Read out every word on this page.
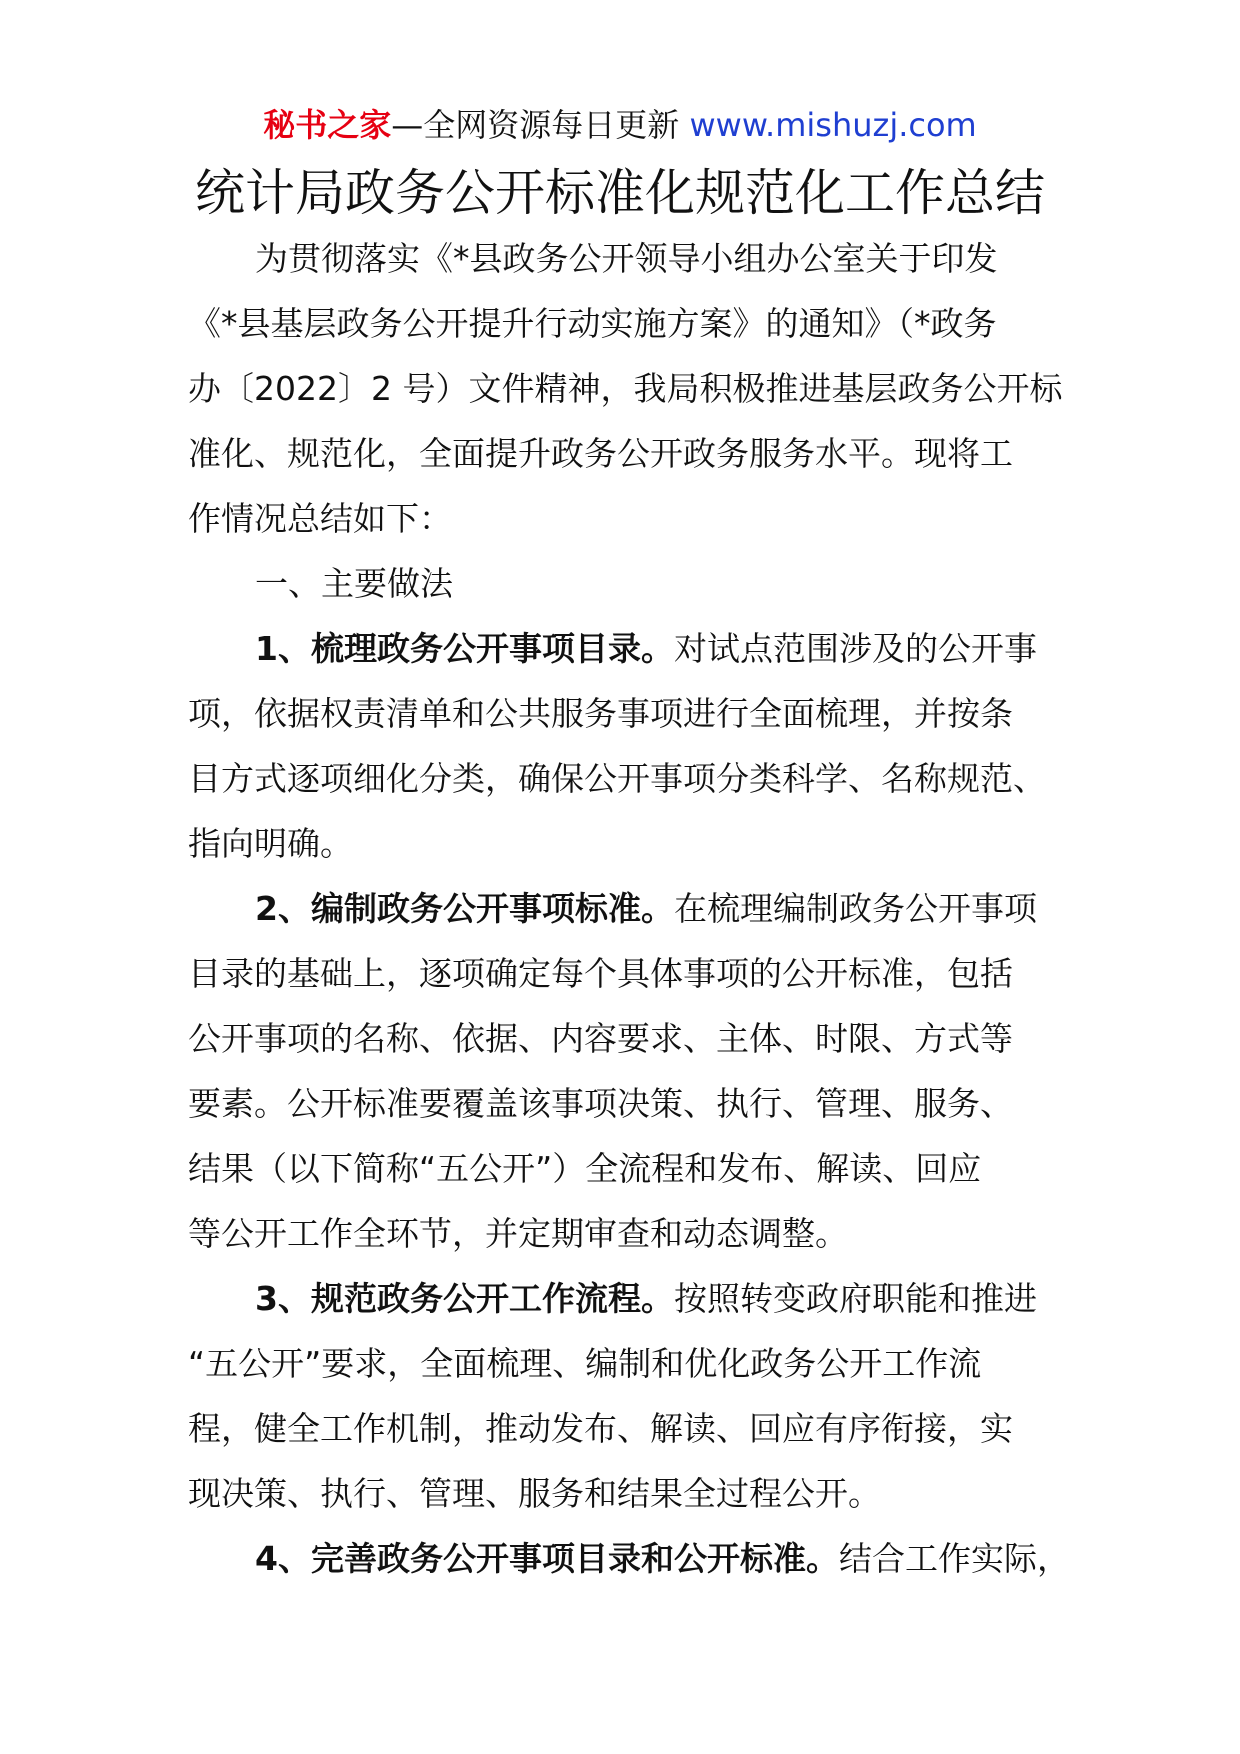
秘书之家—全网资源每日更新 www.mishuzj.com
统计局政务公开标准化规范化工作总结
为贯彻落实《*县政务公开领导小组办公室关于印发
《*县基层政务公开提升行动实施方案》的通知》（*政务
办〔2022〕2 号）文件精神，我局积极推进基层政务公开标
准化、规范化，全面提升政务公开政务服务水平。现将工
作情况总结如下：
一、主要做法
1、梳理政务公开事项目录。对试点范围涉及的公开事
项，依据权责清单和公共服务事项进行全面梳理，并按条
目方式逐项细化分类，确保公开事项分类科学、名称规范、
指向明确。
2、编制政务公开事项标准。在梳理编制政务公开事项
目录的基础上，逐项确定每个具体事项的公开标准，包括
公开事项的名称、依据、内容要求、主体、时限、方式等
要素。公开标准要覆盖该事项决策、执行、管理、服务、
结果（以下简称“五公开”）全流程和发布、解读、回应
等公开工作全环节，并定期审查和动态调整。
3、规范政务公开工作流程。按照转变政府职能和推进
“五公开”要求，全面梳理、编制和优化政务公开工作流
程，健全工作机制，推动发布、解读、回应有序衔接，实
现决策、执行、管理、服务和结果全过程公开。
4、完善政务公开事项目录和公开标准。结合工作实际，
